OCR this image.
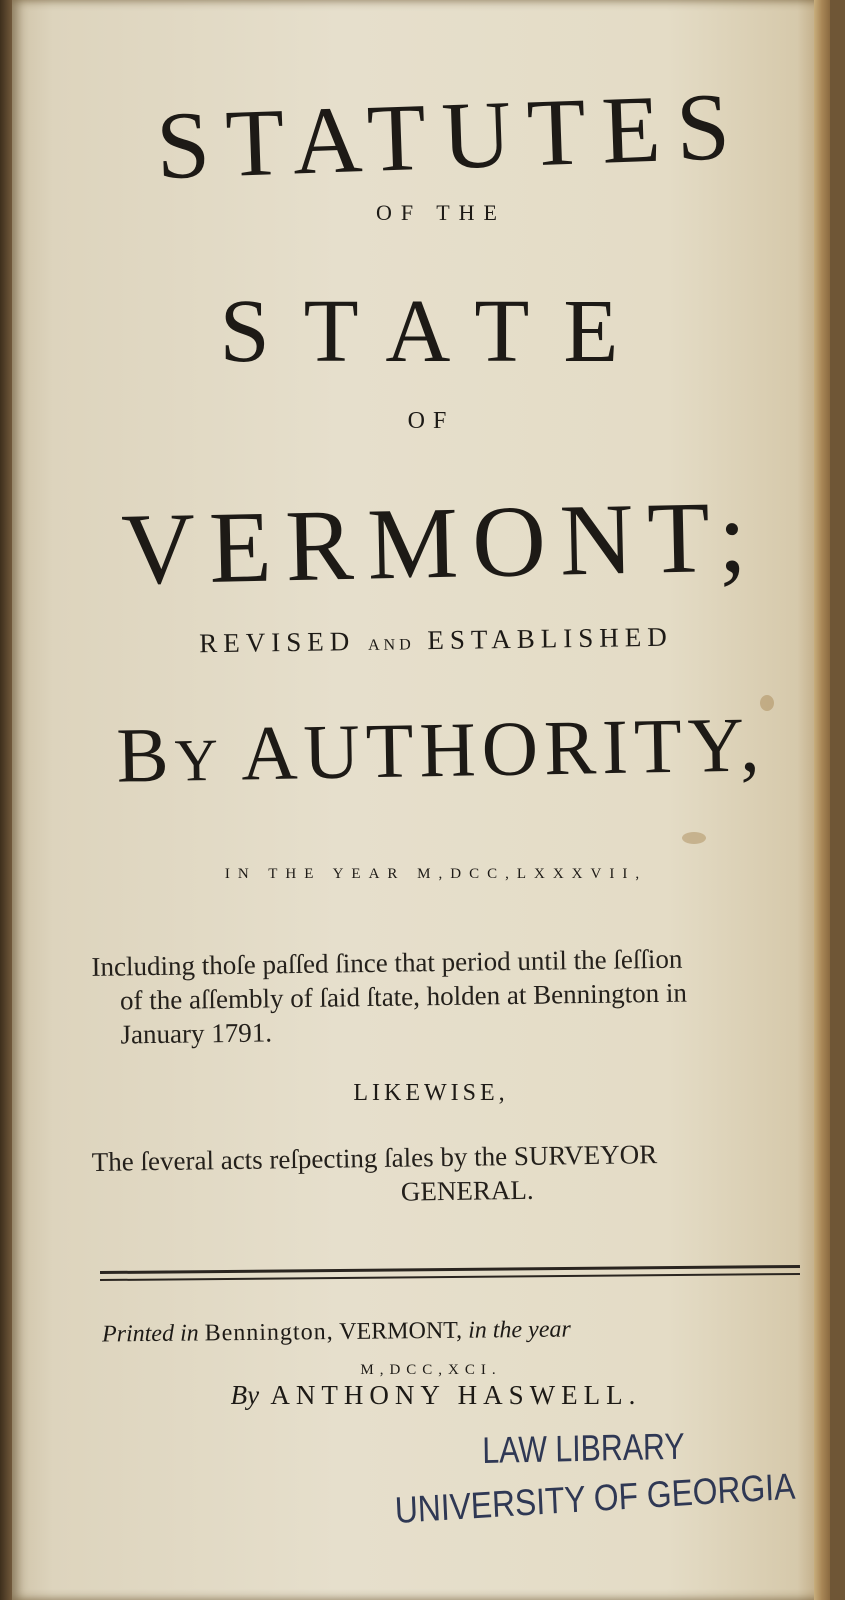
STATUTES
OF THE
STATE
OF
VERMONT;
REVISED AND ESTABLISHED
BY AUTHORITY,
IN THE YEAR M,DCC,LXXXVII,
Including thoſe paſſed ſince that period until the ſeſſion
of the aſſembly of ſaid ſtate, holden at Bennington in
January 1791.
LIKEWISE,
The ſeveral acts reſpecting ſales by the SURVEYOR
GENERAL.
Printed in Bennington, VERMONT, in the year
M,DCC,XCI.
By ANTHONY HASWELL.
LAW LIBRARY
UNIVERSITY OF GEORGIA
